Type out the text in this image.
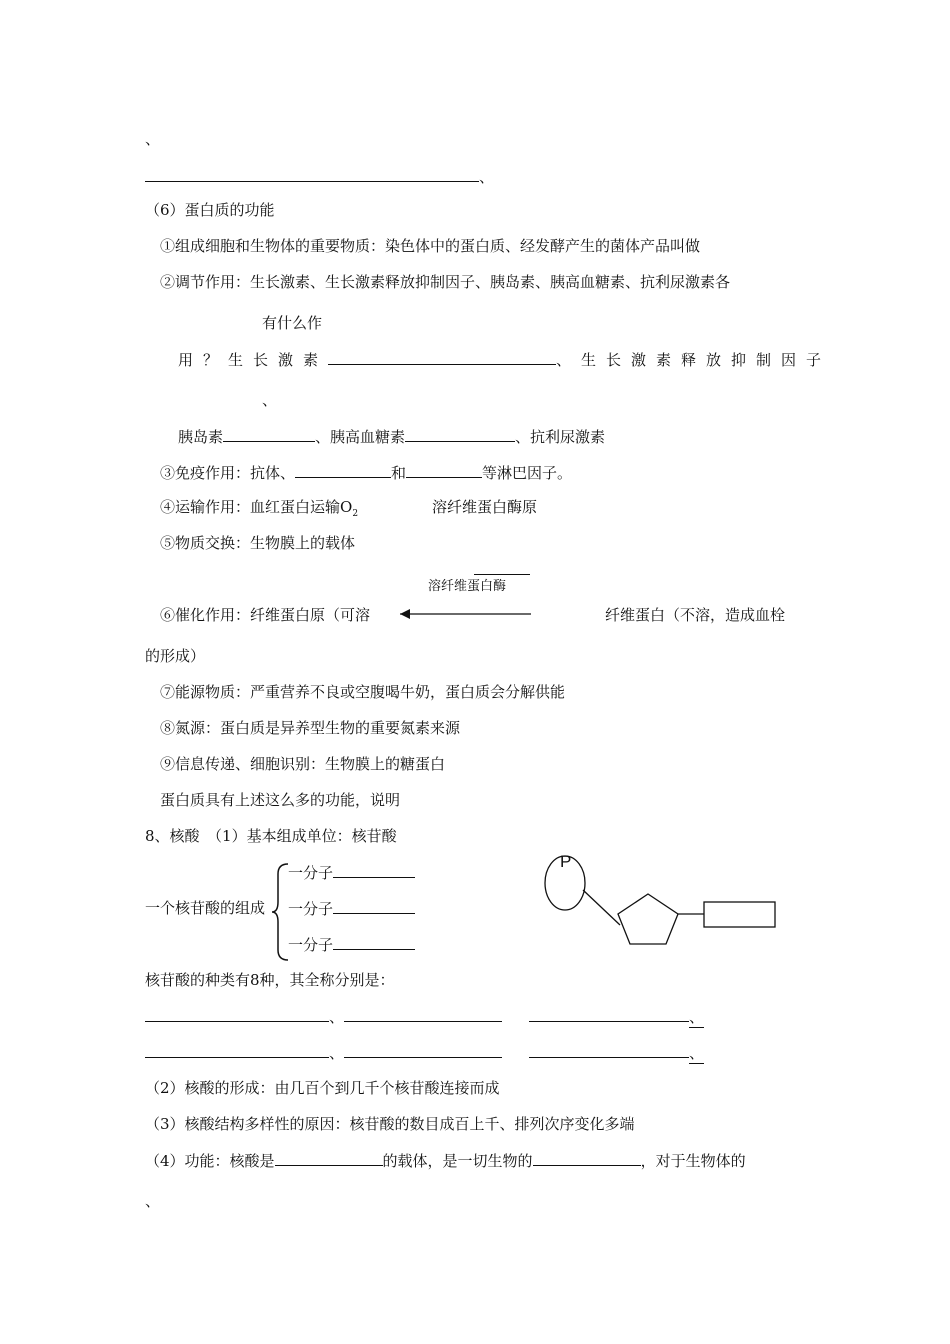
、
、
（6）蛋白质的功能
①组成细胞和生物体的重要物质：染色体中的蛋白质、经发酵产生的菌体产品叫做
②调节作用：生长激素、生长激素释放抑制因子、胰岛素、胰高血糖素、抗利尿激素各
有什么作
用？生长激素	、生长激素释放抑制因子
、
胰岛素	、胰高血糖素	、抗利尿激素
③免疫作用：抗体、	和	等淋巴因子。
④运输作用：血红蛋白运输$O_2$	溶纤维蛋白酶原
⑤物质交换：生物膜上的载体
溶纤维蛋白酶
⑥催化作用：纤维蛋白原（可溶	纤维蛋白（不溶，造成血栓
的形成）
⑦能源物质：严重营养不良或空腹喝牛奶，蛋白质会分解供能
⑧氮源：蛋白质是异养型生物的重要氮素来源
⑨信息传递、细胞识别：生物膜上的糖蛋白
蛋白质具有上述这么多的功能，说明
8、核酸　（1）基本组成单位：核苷酸
一个核苷酸的组成
一分子
一分子
一分子
P
核苷酸的种类有8种，其全称分别是：
、	、
、	、
（2）核酸的形成：由几百个到几千个核苷酸连接而成
（3）核酸结构多样性的原因：核苷酸的数目成百上千、排列次序变化多端
（4）功能：核酸是	的载体，是一切生物的	，对于生物体的
、
